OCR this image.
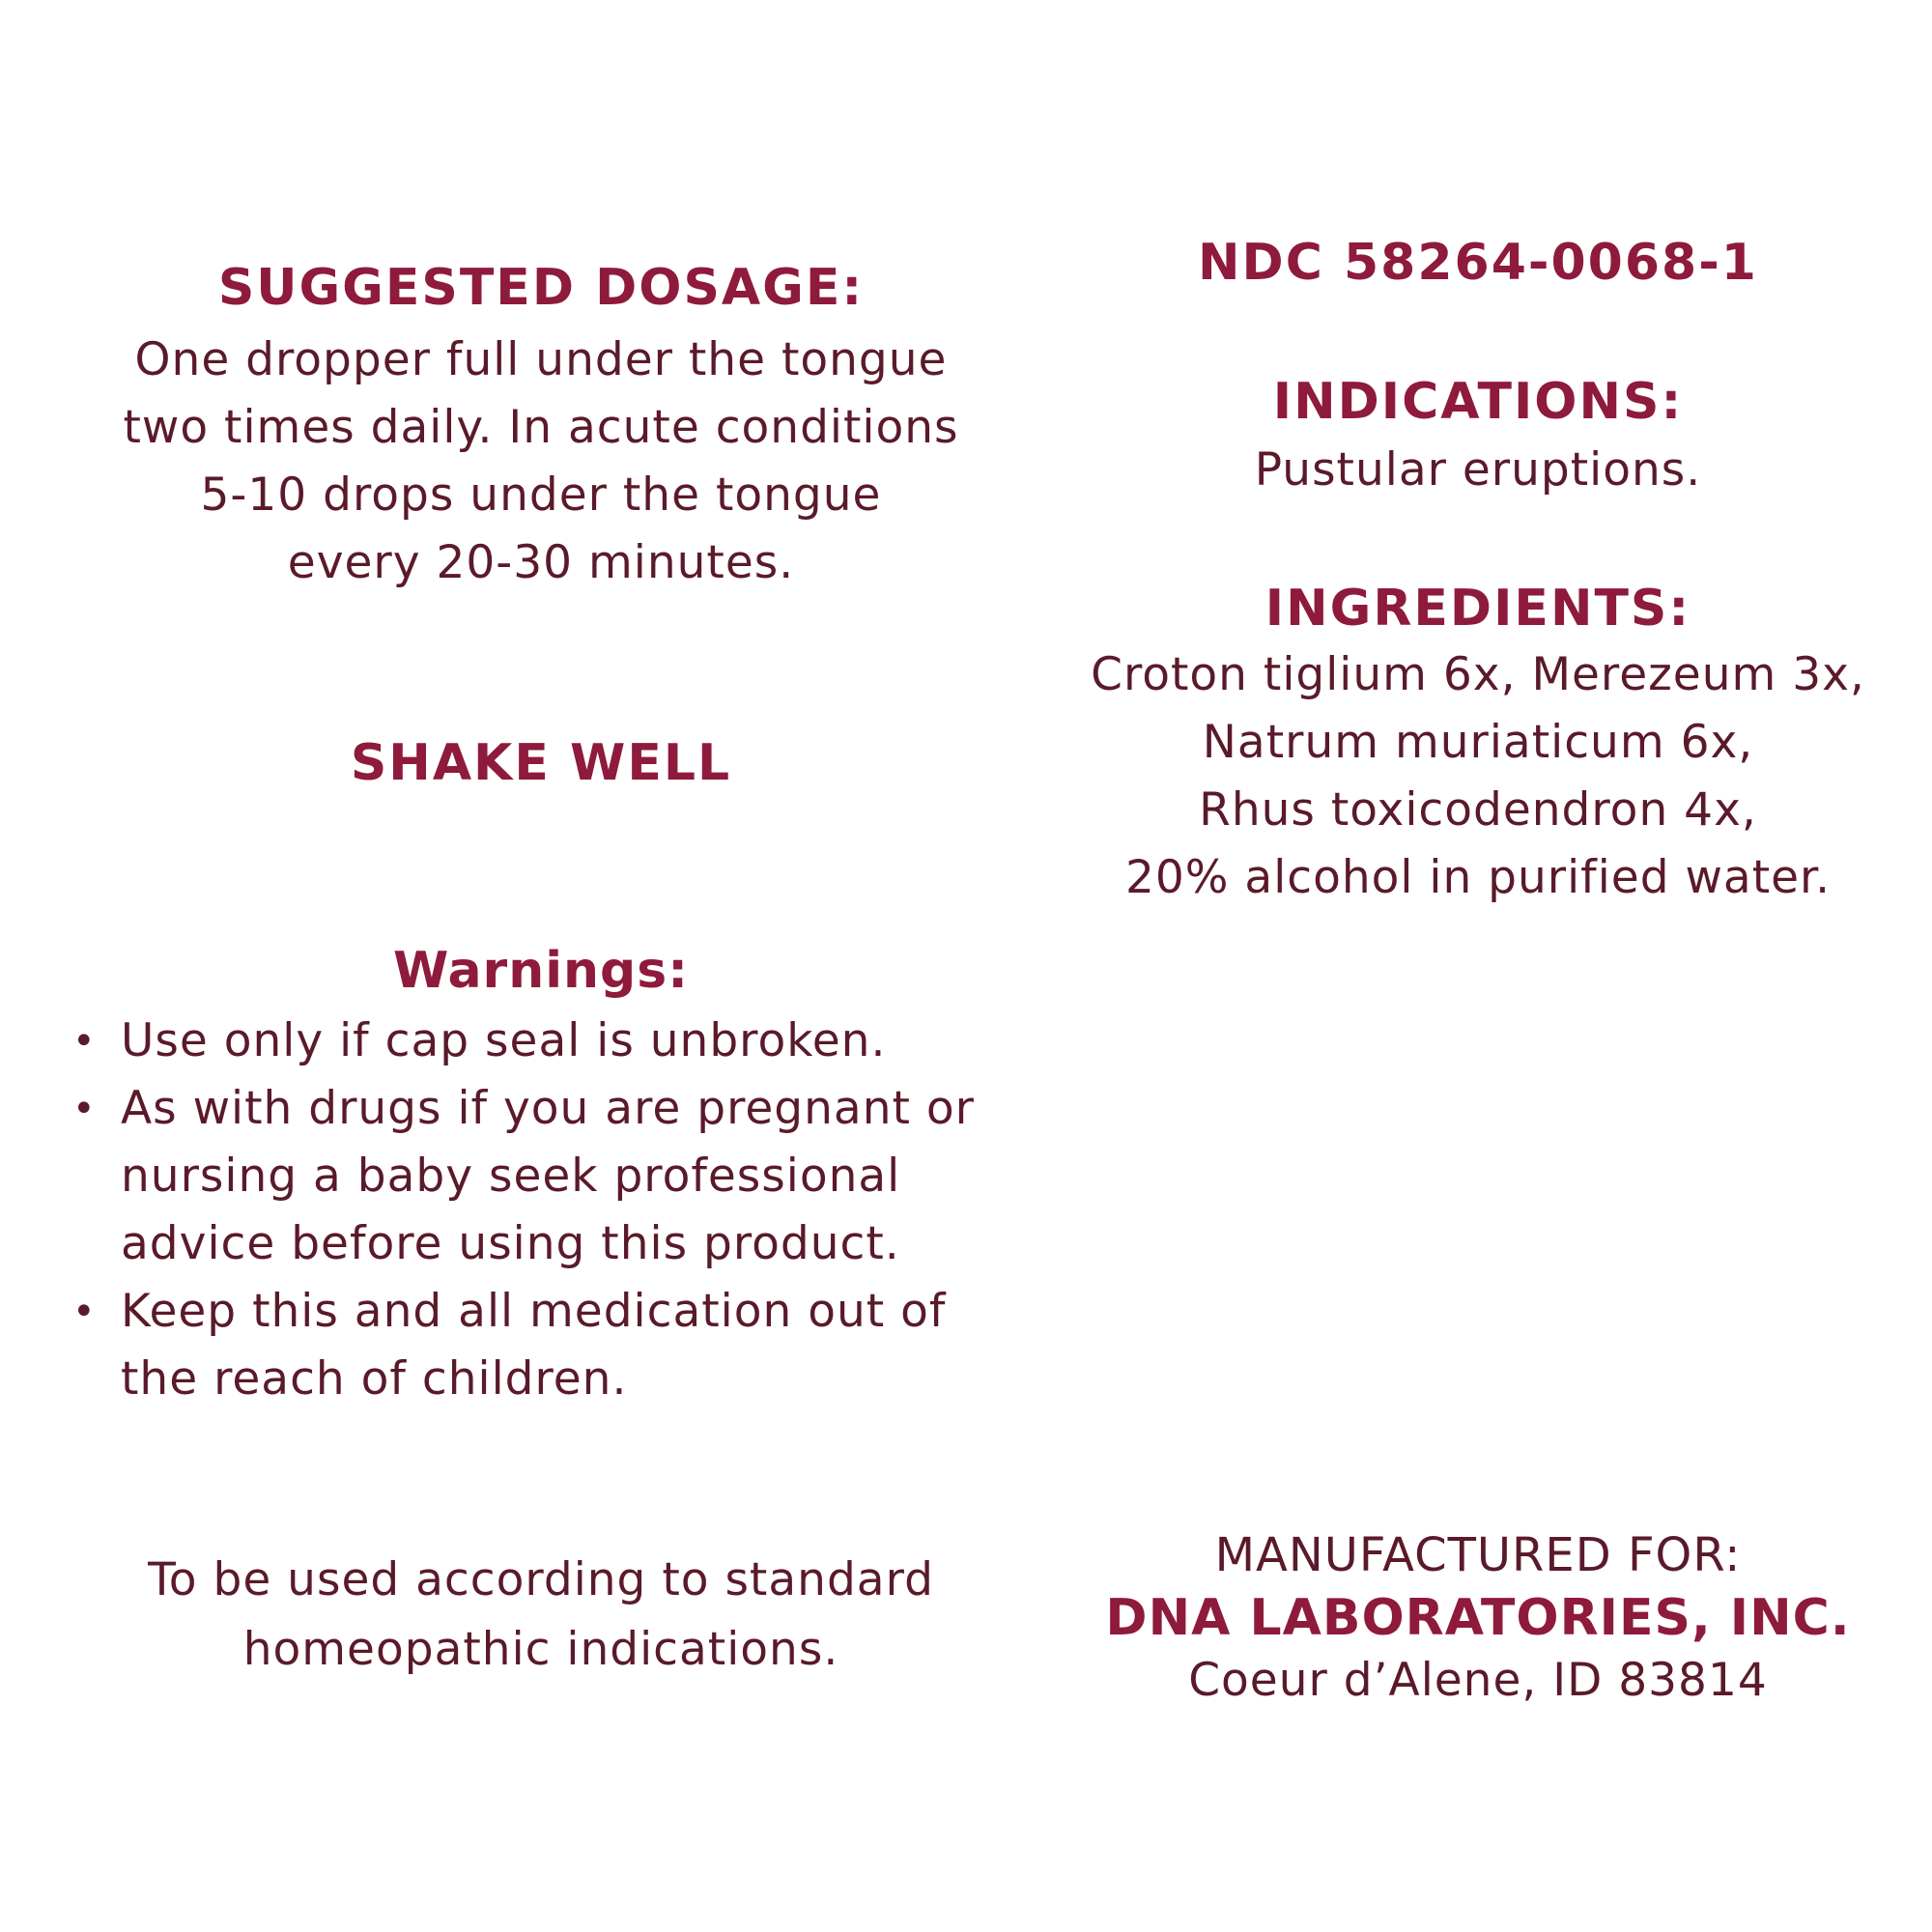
SUGGESTED DOSAGE:

One dropper full under the tongue
two times daily. In acute conditions
5-10 drops under the tongue
every 20-30 minutes.

SHAKE WELL
Warnings:
• Use only if cap seal is unbroken.
• As with drugs if you are pregnant or
nursing a baby seek professional
advice before using this product.
• Keep this and all medication out of
the reach of children.

To be used according to standard
homeopathic indications.

NDC 58264-0068-1
INDICATIONS:

Pustular eruptions.

INGREDIENTS:

Croton tiglium 6x, Merezeum 3x,
Natrum muriaticum 6x,
Rhus toxicodendron 4x,
20% alcohol in purified water.

MANUFACTURED FOR:

DNA LABORATORIES, INC.

Coeur d’Alene, ID 83814
